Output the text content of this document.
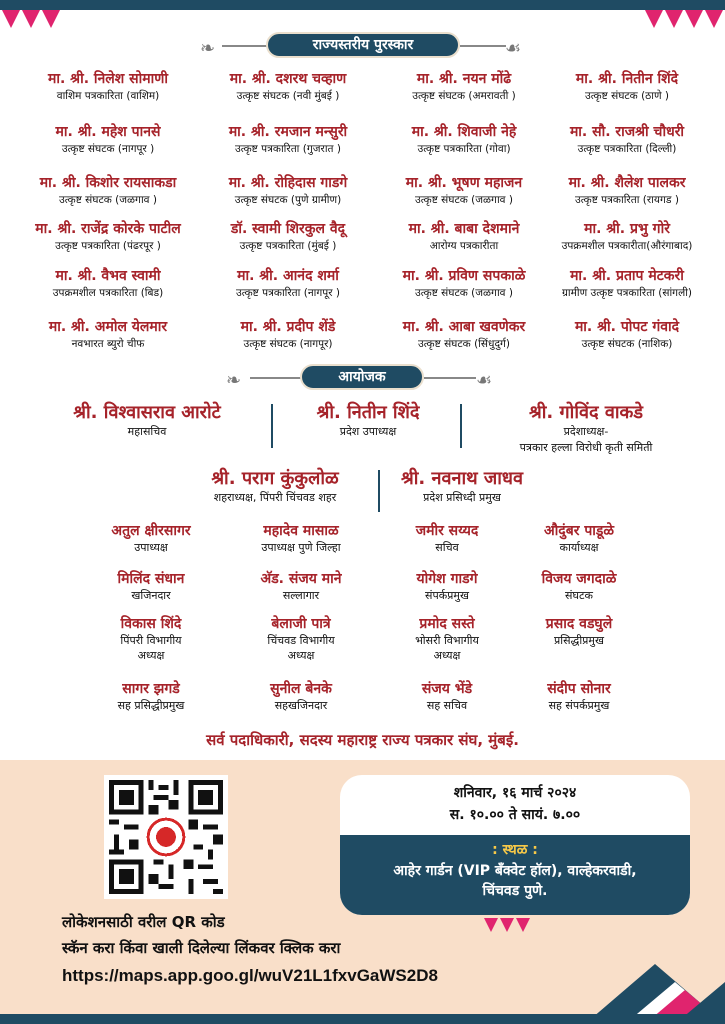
❧	राज्यस्तरीय पुरस्कार	☙
मा. श्री. निलेश सोमाणी
वाशिम पत्रकारिता (वाशिम)
मा. श्री. दशरथ चव्हाण
उत्कृष्ट संघटक (नवी मुंबई )
मा. श्री. नयन मोंढे
उत्कृष्ट संघटक (अमरावती )
मा. श्री. नितीन शिंदे
उत्कृष्ट संघटक (ठाणे )
मा. श्री. महेश पानसे
उत्कृष्ट संघटक (नागपूर )
मा. श्री. रमजान मन्सुरी
उत्कृष्ट पत्रकारिता (गुजरात )
मा. श्री. शिवाजी नेहे
उत्कृष्ट पत्रकारिता (गोवा)
मा. सौ. राजश्री चौधरी
उत्कृष्ट पत्रकारिता (दिल्ली)
मा. श्री. किशोर रायसाकडा
उत्कृष्ट संघटक (जळगाव )
मा. श्री. रोहिदास गाडगे
उत्कृष्ट संघटक (पुणे ग्रामीण)
मा. श्री. भूषण महाजन
उत्कृष्ट संघटक (जळगाव )
मा. श्री. शैलेश पालकर
उत्कृष्ट पत्रकारिता (रायगड )
मा. श्री. राजेंद्र कोरके पाटील
उत्कृष्ट पत्रकारिता (पंढरपूर )
डॉ. स्वामी शिरकुल वैदू
उत्कृष्ट पत्रकारिता (मुंबई )
मा. श्री. बाबा देशमाने
आरोग्य पत्रकारीता
मा. श्री. प्रभु गोरे
उपक्रमशील पत्रकारीता(औरंगाबाद)
मा. श्री. वैभव स्वामी
उपक्रमशील पत्रकारिता (बिड)
मा. श्री. आनंद शर्मा
उत्कृष्ट पत्रकारिता (नागपूर )
मा. श्री. प्रविण सपकाळे
उत्कृष्ट संघटक (जळगाव )
मा. श्री. प्रताप मेटकरी
ग्रामीण उत्कृष्ट पत्रकारिता (सांगली)
मा. श्री. अमोल येलमार
नवभारत ब्युरो चीफ
मा. श्री. प्रदीप शेंडे
उत्कृष्ट संघटक (नागपूर)
मा. श्री. आबा खवणेकर
उत्कृष्ट संघटक (सिंधुदुर्ग)
मा. श्री. पोपट गंवादे
उत्कृष्ट संघटक (नाशिक)
❧	आयोजक	☙
श्री. विश्वासराव आरोटे
महासचिव
श्री. नितीन शिंदे
प्रदेश उपाध्यक्ष
श्री. गोविंद वाकडे
प्रदेशाध्यक्ष-
पत्रकार हल्ला विरोधी कृती समिती
श्री. पराग कुंकुलोळ
शहराध्यक्ष, पिंपरी चिंचवड शहर
श्री. नवनाथ जाधव
प्रदेश प्रसिध्दी प्रमुख
अतुल क्षीरसागर
उपाध्यक्ष
महादेव मासाळ
उपाध्यक्ष पुणे जिल्हा
जमीर सय्यद
सचिव
औदुंबर पाडूळे
कार्याध्यक्ष
मिलिंद संधान
खजिनदार
अ‍ॅड. संजय माने
सल्लागार
योगेश गाडगे
संपर्कप्रमुख
विजय जगदाळे
संघटक
विकास शिंदे
पिंपरी विभागीय
अध्यक्ष
बेलाजी पात्रे
चिंचवड विभागीय
अध्यक्ष
प्रमोद सस्ते
भोसरी विभागीय
अध्यक्ष
प्रसाद वडघुले
प्रसिद्धीप्रमुख
सागर झगडे
सह प्रसिद्धीप्रमुख
सुनील बेनके
सहखजिनदार
संजय भेंडे
सह सचिव
संदीप सोनार
सह संपर्कप्रमुख
सर्व पदाधिकारी, सदस्य महाराष्ट्र राज्य पत्रकार संघ, मुंबई.
शनिवार, १६ मार्च २०२४
स. १०.०० ते सायं. ७.००
: स्थळ :
आहेर गार्डन (VIP बँक्वेट हॉल), वाल्हेकरवाडी,
चिंचवड पुणे.
लोकेशनसाठी वरील QR कोड
स्कॅन करा किंवा खाली दिलेल्या लिंकवर क्लिक करा
https://maps.app.goo.gl/wuV21L1fxvGaWS2D8
